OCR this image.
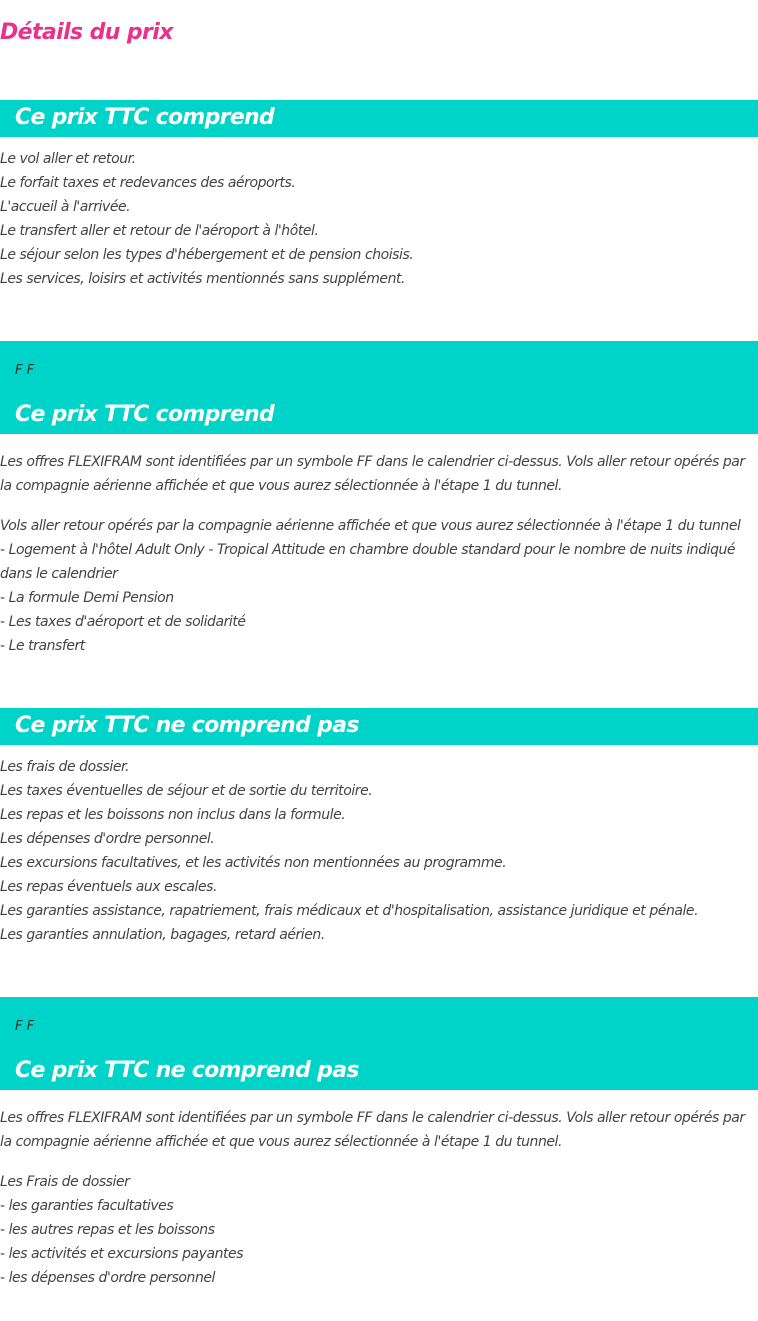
Détails du prix
Ce prix TTC comprend
Le vol aller et retour.
Le forfait taxes et redevances des aéroports.
L'accueil à l'arrivée.
Le transfert aller et retour de l'aéroport à l'hôtel.
Le séjour selon les types d'hébergement et de pension choisis.
Les services, loisirs et activités mentionnés sans supplément.
F F
Ce prix TTC comprend

Les offres FLEXIFRAM sont identifiées par un symbole FF dans le calendrier ci-dessus. Vols aller retour opérés par la compagnie aérienne affichée et que vous aurez sélectionnée à l'étape 1 du tunnel.

Vols aller retour opérés par la compagnie aérienne affichée et que vous aurez sélectionnée à l'étape 1 du tunnel

- Logement à l'hôtel Adult Only - Tropical Attitude en chambre double standard pour le nombre de nuits indiqué dans le calendrier

- La formule Demi Pension
- Les taxes d'aéroport et de solidarité
- Le transfert
Ce prix TTC ne comprend pas
Les frais de dossier.
Les taxes éventuelles de séjour et de sortie du territoire.
Les repas et les boissons non inclus dans la formule.
Les dépenses d'ordre personnel.
Les excursions facultatives, et les activités non mentionnées au programme.
Les repas éventuels aux escales.
Les garanties assistance, rapatriement, frais médicaux et d'hospitalisation, assistance juridique et pénale.
Les garanties annulation, bagages, retard aérien.
F F
Ce prix TTC ne comprend pas

Les offres FLEXIFRAM sont identifiées par un symbole FF dans le calendrier ci-dessus. Vols aller retour opérés par la compagnie aérienne affichée et que vous aurez sélectionnée à l'étape 1 du tunnel.

Les Frais de dossier
- les garanties facultatives
- les autres repas et les boissons
- les activités et excursions payantes
- les dépenses d'ordre personnel
